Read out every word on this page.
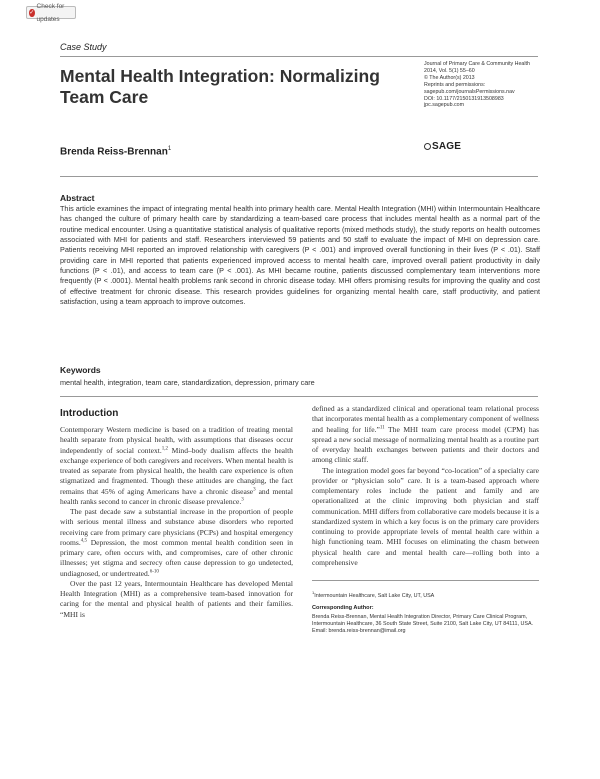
✓
Check for updates
Case Study
Mental Health Integration: Normalizing Team Care
Journal of Primary Care & Community Health
2014, Vol. 5(1) 55–60
© The Author(s) 2013
Reprints and permissions:
sagepub.com/journalsPermissions.nav
DOI: 10.1177/2150131913508983
jpc.sagepub.com
SAGE
Brenda Reiss-Brennan$^1$
Abstract
This article examines the impact of integrating mental health into primary health care. Mental Health Integration (MHI) within Intermountain Healthcare has changed the culture of primary health care by standardizing a team-based care process that includes mental health as a normal part of the routine medical encounter. Using a quantitative statistical analysis of qualitative reports (mixed methods study), the study reports on health outcomes associated with MHI for patients and staff. Researchers interviewed 59 patients and 50 staff to evaluate the impact of MHI on depression care. Patients receiving MHI reported an improved relationship with caregivers (P < .001) and improved overall functioning in their lives (P < .01). Staff providing care in MHI reported that patients experienced improved access to mental health care, improved overall patient productivity in daily functions (P < .01), and access to team care (P < .001). As MHI became routine, patients discussed complementary team interventions more frequently (P < .0001). Mental health problems rank second in chronic disease today. MHI offers promising results for improving the quality and cost of effective treatment for chronic disease. This research provides guidelines for organizing mental health care, staff productivity, and patient satisfaction, using a team approach to improve outcomes.
Keywords
mental health, integration, team care, standardization, depression, primary care
Introduction

Contemporary Western medicine is based on a tradition of treating mental health separate from physical health, with assumptions that diseases occur independently of social context.$^{1,2}$ Mind–body dualism affects the health exchange experience of both caregivers and receivers. When mental health is treated as separate from physical health, the health care experience is often stigmatized and fragmented. Though these attitudes are changing, the fact remains that 45% of aging Americans have a chronic disease$^3$ and mental health ranks second to cancer in chronic disease prevalence.$^3$

The past decade saw a substantial increase in the proportion of people with serious mental illness and substance abuse disorders who reported receiving care from primary care physicians (PCPs) and hospital emergency rooms.$^{4,5}$ Depression, the most common mental health condition seen in primary care, often occurs with, and compromises, care of other chronic illnesses; yet stigma and secrecy often cause depression to go undetected, undiagnosed, or undertreated.$^{6-10}$

Over the past 12 years, Intermountain Healthcare has developed Mental Health Integration (MHI) as a comprehensive team-based innovation for caring for the mental and physical health of patients and their families. “MHI is

defined as a standardized clinical and operational team relational process that incorporates mental health as a complementary component of wellness and healing for life.”$^{11}$ The MHI team care process model (CPM) has spread a new social message of normalizing mental health as a routine part of everyday health exchanges between patients and their doctors and among clinic staff.

The integration model goes far beyond “co-location” of a specialty care provider or “physician solo” care. It is a team-based approach where complementary roles include the patient and family and are operationalized at the clinic improving both physician and staff communication. MHI differs from collaborative care models because it is a standardized system in which a key focus is on the primary care providers continuing to provide appropriate levels of mental health care within a high functioning team. MHI focuses on eliminating the chasm between physical health care and mental health care—rolling both into a comprehensive

$^1$Intermountain Healthcare, Salt Lake City, UT, USA
Corresponding Author:
Brenda Reiss-Brennan, Mental Health Integration Director, Primary Care Clinical Program, Intermountain Healthcare, 36 South State Street, Suite 2100, Salt Lake City, UT 84111, USA.
Email: brenda.reiss-brennan@imail.org
